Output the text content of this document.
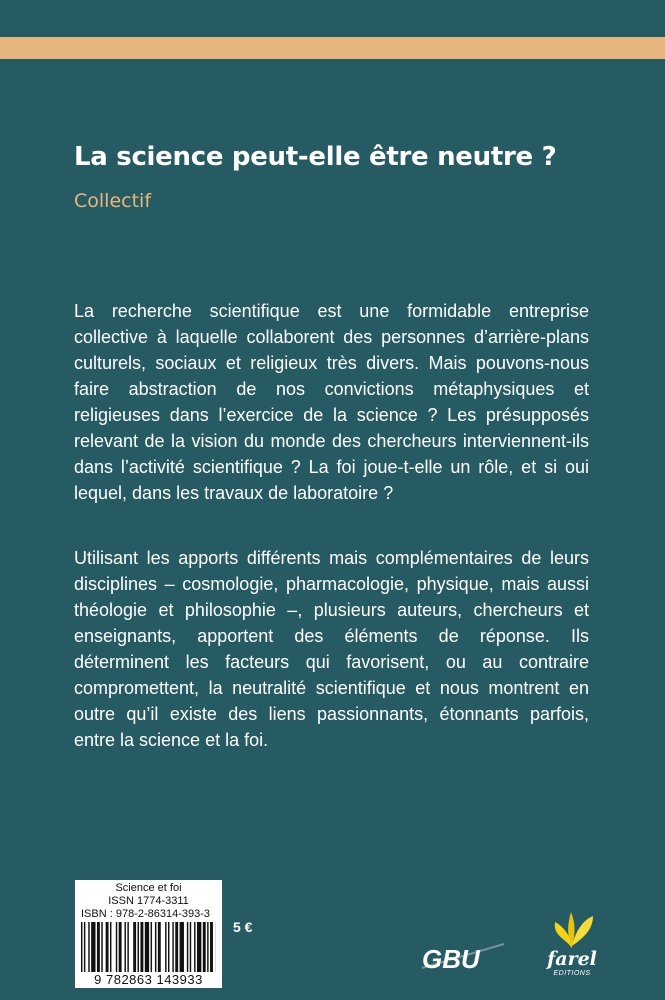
La science peut-elle être neutre ?

Collectif

La recherche scientifique est une formidable entreprise collective à laquelle collaborent des personnes d’arrière-plans culturels, sociaux et religieux très divers. Mais pouvons-nous faire abstraction de nos convictions métaphysiques et religieuses dans l’exercice de la science ? Les présupposés relevant de la vision du monde des chercheurs interviennent-ils dans l’activité scientifique ? La foi joue-t-elle un rôle, et si oui lequel, dans les travaux de laboratoire ?

Utilisant les apports différents mais complémentaires de leurs disciplines – cosmologie, pharmacologie, physique, mais aussi théologie et philosophie –, plusieurs auteurs, chercheurs et enseignants, apportent des éléments de réponse. Ils déterminent les facteurs qui favorisent, ou au contraire compromettent, la neutralité scientifique et nous montrent en outre qu’il existe des liens passionnants, étonnants parfois, entre la science et la foi.

Science et foi

ISSN 1774-3311

ISBN : 978-2-86314-393-3

9 782863 143933
5 €
GBU	farel
EDITIONS
